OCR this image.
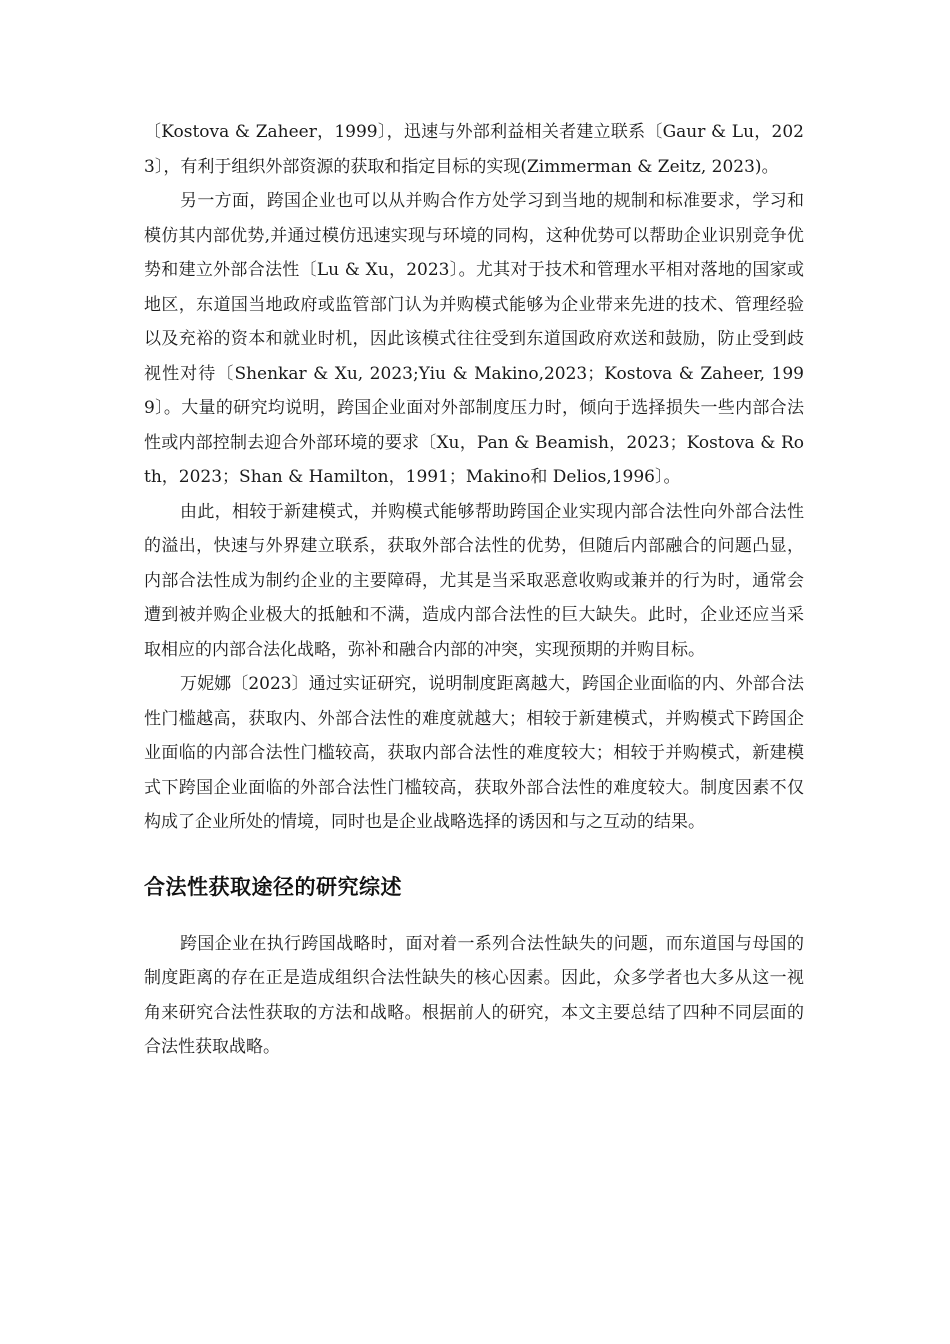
〔Kostova & Zaheer，1999〕，迅速与外部利益相关者建立联系〔Gaur & Lu，2023〕，有利于组织外部资源的获取和指定目标的实现(Zimmerman & Zeitz, 2023)。

另一方面，跨国企业也可以从并购合作方处学习到当地的规制和标准要求，学习和模仿其内部优势,并通过模仿迅速实现与环境的同构，这种优势可以帮助企业识别竞争优势和建立外部合法性〔Lu & Xu，2023〕。尤其对于技术和管理水平相对落地的国家或地区，东道国当地政府或监管部门认为并购模式能够为企业带来先进的技术、管理经验以及充裕的资本和就业时机，因此该模式往往受到东道国政府欢送和鼓励，防止受到歧视性对待〔Shenkar & Xu, 2023;Yiu & Makino,2023；Kostova & Zaheer, 1999〕。大量的研究均说明，跨国企业面对外部制度压力时，倾向于选择损失一些内部合法性或内部控制去迎合外部环境的要求〔Xu，Pan & Beamish，2023；Kostova & Roth，2023；Shan & Hamilton，1991；Makino和 Delios,1996〕。

由此，相较于新建模式，并购模式能够帮助跨国企业实现内部合法性向外部合法性的溢出，快速与外界建立联系，获取外部合法性的优势，但随后内部融合的问题凸显，内部合法性成为制约企业的主要障碍，尤其是当采取恶意收购或兼并的行为时，通常会遭到被并购企业极大的抵触和不满，造成内部合法性的巨大缺失。此时，企业还应当采取相应的内部合法化战略，弥补和融合内部的冲突，实现预期的并购目标。

万妮娜〔2023〕通过实证研究，说明制度距离越大，跨国企业面临的内、外部合法性门槛越高，获取内、外部合法性的难度就越大；相较于新建模式，并购模式下跨国企业面临的内部合法性门槛较高，获取内部合法性的难度较大；相较于并购模式，新建模式下跨国企业面临的外部合法性门槛较高，获取外部合法性的难度较大。制度因素不仅构成了企业所处的情境，同时也是企业战略选择的诱因和与之互动的结果。

合法性获取途径的研究综述

跨国企业在执行跨国战略时，面对着一系列合法性缺失的问题，而东道国与母国的制度距离的存在正是造成组织合法性缺失的核心因素。因此，众多学者也大多从这一视角来研究合法性获取的方法和战略。根据前人的研究，本文主要总结了四种不同层面的合法性获取战略。
